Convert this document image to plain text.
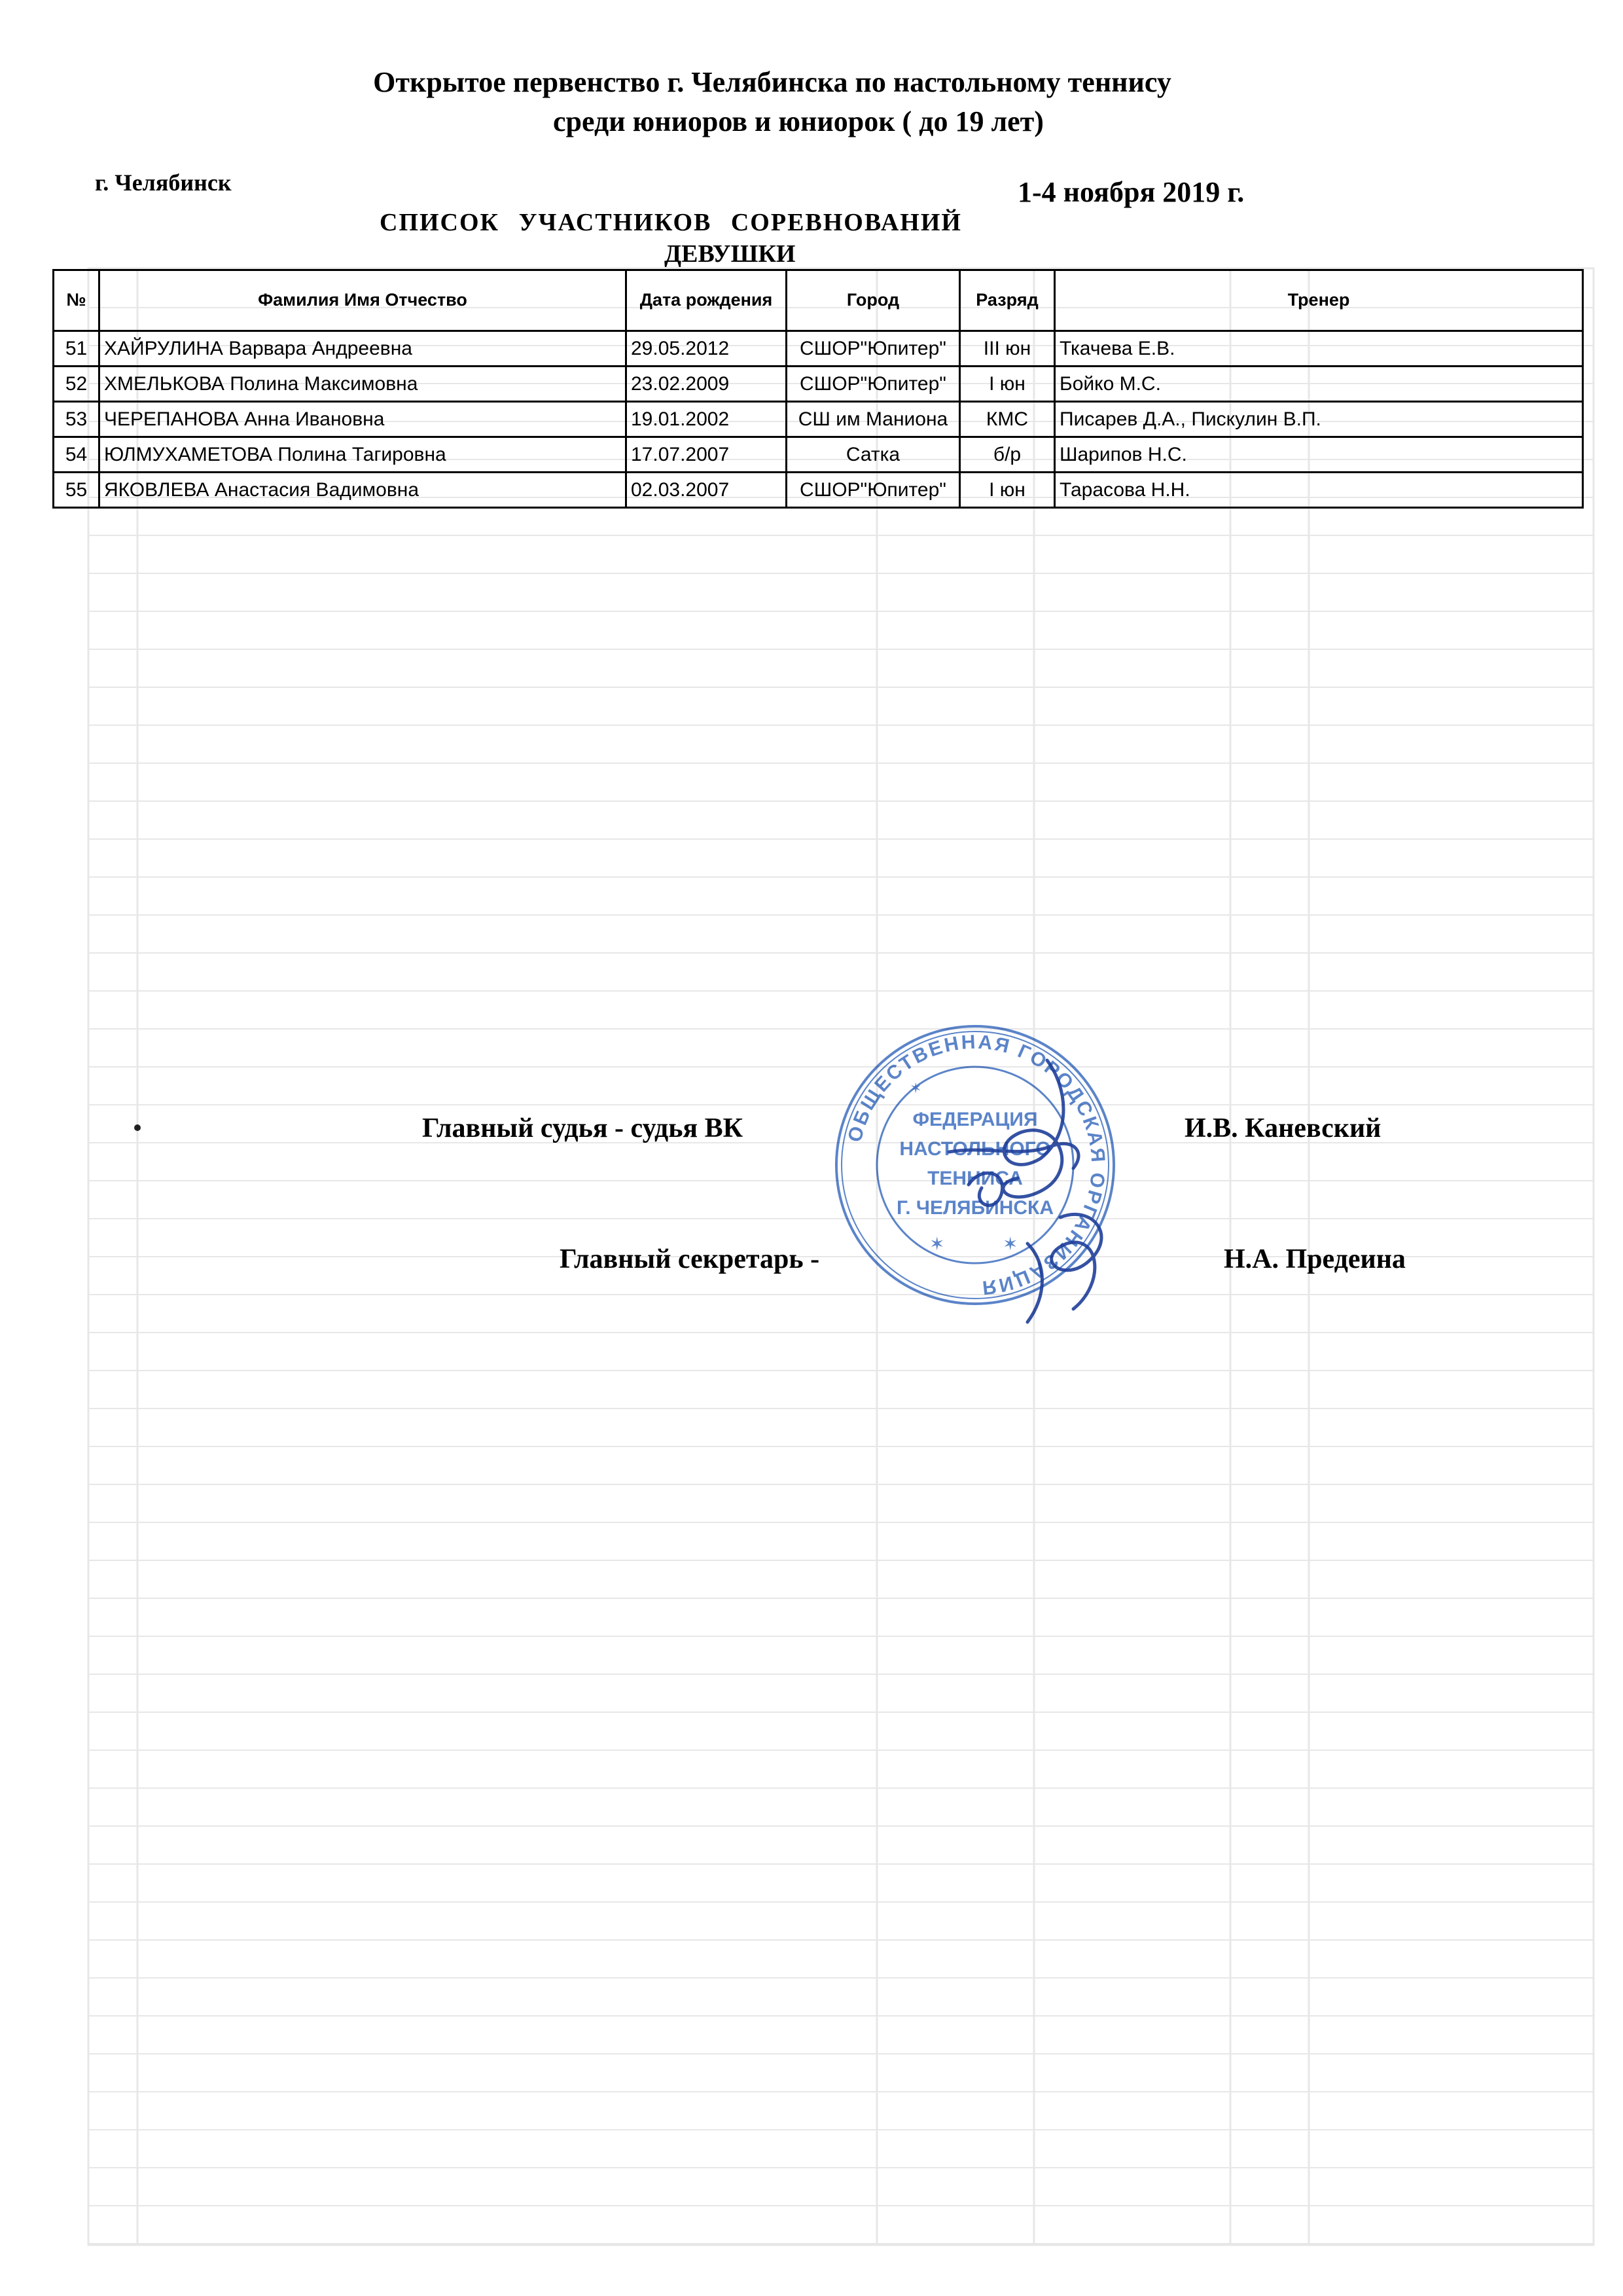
Открытое первенство г. Челябинска по настольному теннису
среди юниоров и юниорок ( до 19 лет)
г. Челябинск	1-4 ноября 2019 г.
СПИСОК УЧАСТНИКОВ СОРЕВНОВАНИЙ
ДЕВУШКИ
№	Фамилия Имя Отчество	Дата рождения	Город	Разряд	Тренер
51	ХАЙРУЛИНА Варвара Андреевна	29.05.2012	СШОР"Юпитер"	III юн	Ткачева Е.В.
52	ХМЕЛЬКОВА Полина Максимовна	23.02.2009	СШОР"Юпитер"	I юн	Бойко М.С.
53	ЧЕРЕПАНОВА Анна Ивановна	19.01.2002	СШ им Манионa	КМС	Писарев Д.А., Пискулин В.П.
54	ЮЛМУХАМЕТОВА Полина Тагировна	17.07.2007	Сатка	б/р	Шарипов Н.С.
55	ЯКОВЛЕВА Анастасия Вадимовна	02.03.2007	СШОР"Юпитер"	I юн	Тарасова Н.Н.
Главный судья - судья ВК	И.В. Каневский
Главный секретарь -	Н.А. Предеина
ОБЩЕСТВЕННАЯ ГОРОДСКАЯ ОРГАНИЗАЦИЯ
ФЕДЕРАЦИЯ
НАСТОЛЬНОГО
ТЕННИСА
Г. ЧЕЛЯБИНСКА
✶	✶
✶
